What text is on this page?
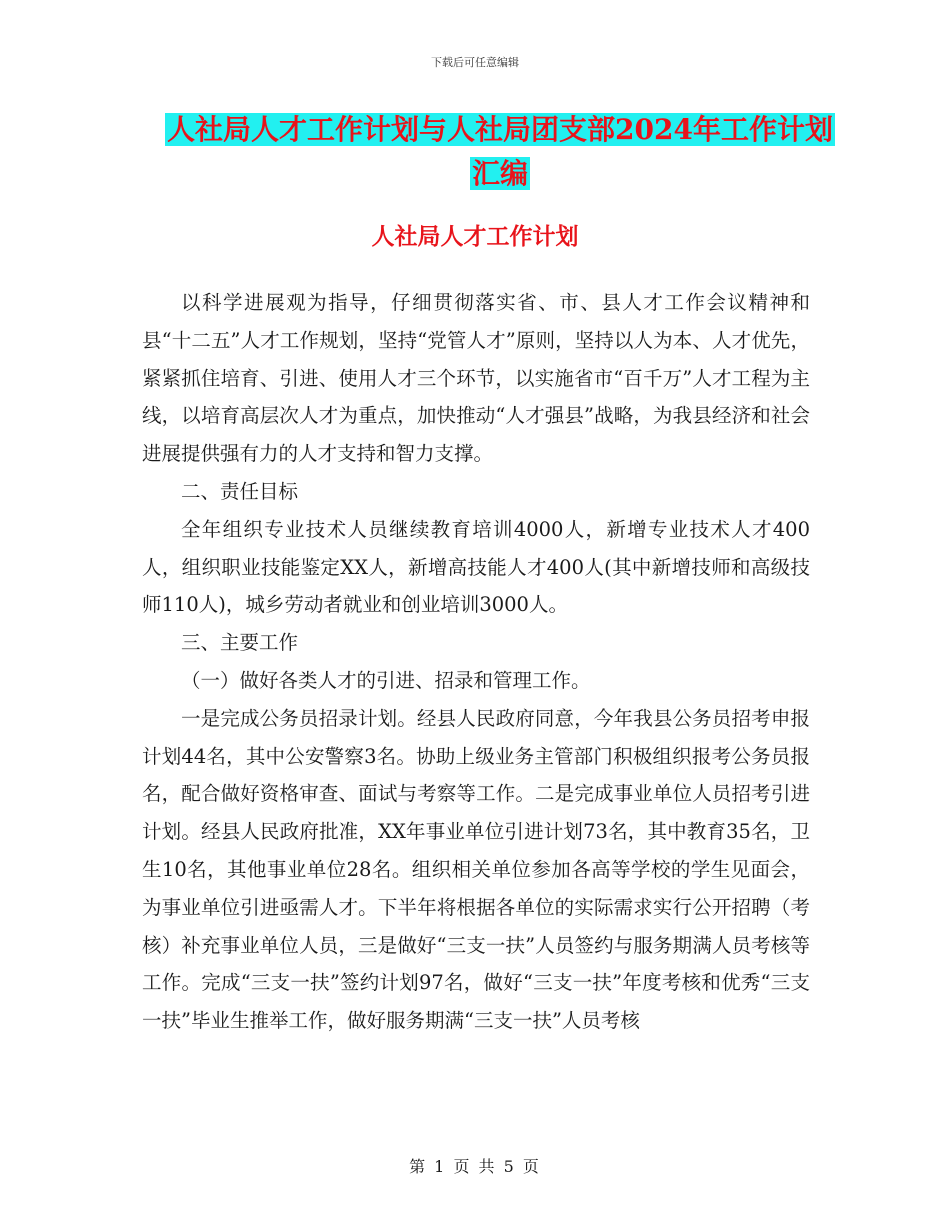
下载后可任意编辑
人社局人才工作计划与人社局团支部2024年工作计划
汇编
人社局人才工作计划

以科学进展观为指导，仔细贯彻落实省、市、县人才工作会议精神和县“十二五”人才工作规划，坚持“党管人才”原则，坚持以人为本、人才优先，紧紧抓住培育、引进、使用人才三个环节，以实施省市“百千万”人才工程为主线，以培育高层次人才为重点，加快推动“人才强县”战略，为我县经济和社会进展提供强有力的人才支持和智力支撑。

二、责任目标

全年组织专业技术人员继续教育培训4000人，新增专业技术人才400人，组织职业技能鉴定XX人，新增高技能人才400人(其中新增技师和高级技师110人)，城乡劳动者就业和创业培训3000人。

三、主要工作

（一）做好各类人才的引进、招录和管理工作。

一是完成公务员招录计划。经县人民政府同意，今年我县公务员招考申报计划44名，其中公安警察3名。协助上级业务主管部门积极组织报考公务员报名，配合做好资格审查、面试与考察等工作。二是完成事业单位人员招考引进计划。经县人民政府批准，XX年事业单位引进计划73名，其中教育35名，卫生10名，其他事业单位28名。组织相关单位参加各高等学校的学生见面会，为事业单位引进亟需人才。下半年将根据各单位的实际需求实行公开招聘（考核）补充事业单位人员，三是做好“三支一扶”人员签约与服务期满人员考核等工作。完成“三支一扶”签约计划97名，做好“三支一扶”年度考核和优秀“三支一扶”毕业生推举工作，做好服务期满“三支一扶”人员考核

第 1 页 共 5 页
